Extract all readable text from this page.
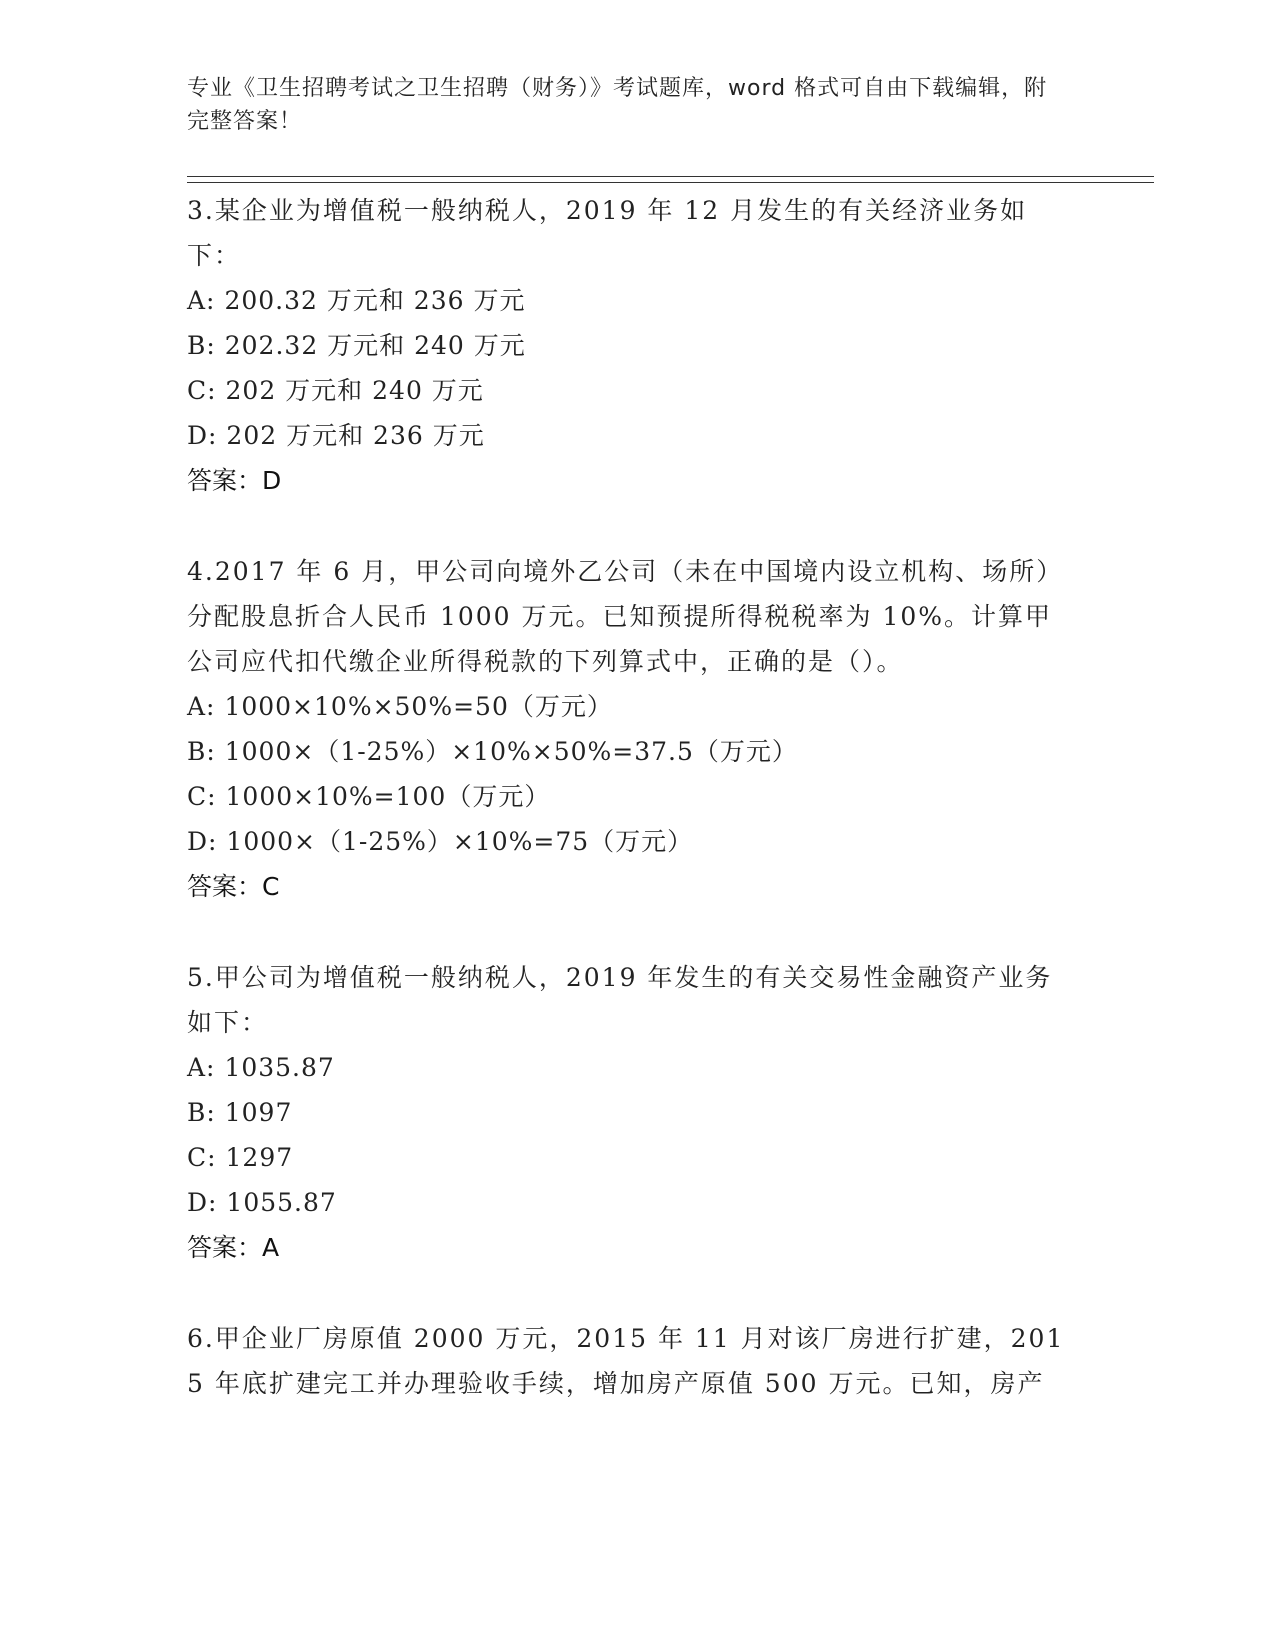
专业《卫生招聘考试之卫生招聘（财务）》考试题库，word 格式可自由下载编辑，附完整答案！
3.某企业为增值税一般纳税人，2019 年 12 月发生的有关经济业务如下：
A: 200.32 万元和 236 万元
B: 202.32 万元和 240 万元
C: 202 万元和 240 万元
D: 202 万元和 236 万元
答案：D
4.2017 年 6 月，甲公司向境外乙公司（未在中国境内设立机构、场所）分配股息折合人民币 1000 万元。已知预提所得税税率为 10%。计算甲公司应代扣代缴企业所得税款的下列算式中，正确的是（）。
A: 1000×10%×50%=50（万元）
B: 1000×（1-25%）×10%×50%=37.5（万元）
C: 1000×10%=100（万元）
D: 1000×（1-25%）×10%=75（万元）
答案：C
5.甲公司为增值税一般纳税人，2019 年发生的有关交易性金融资产业务如下：
A: 1035.87
B: 1097
C: 1297
D: 1055.87
答案：A
6.甲企业厂房原值 2000 万元，2015 年 11 月对该厂房进行扩建，2015 年底扩建完工并办理验收手续，增加房产原值 500 万元。已知，房产
